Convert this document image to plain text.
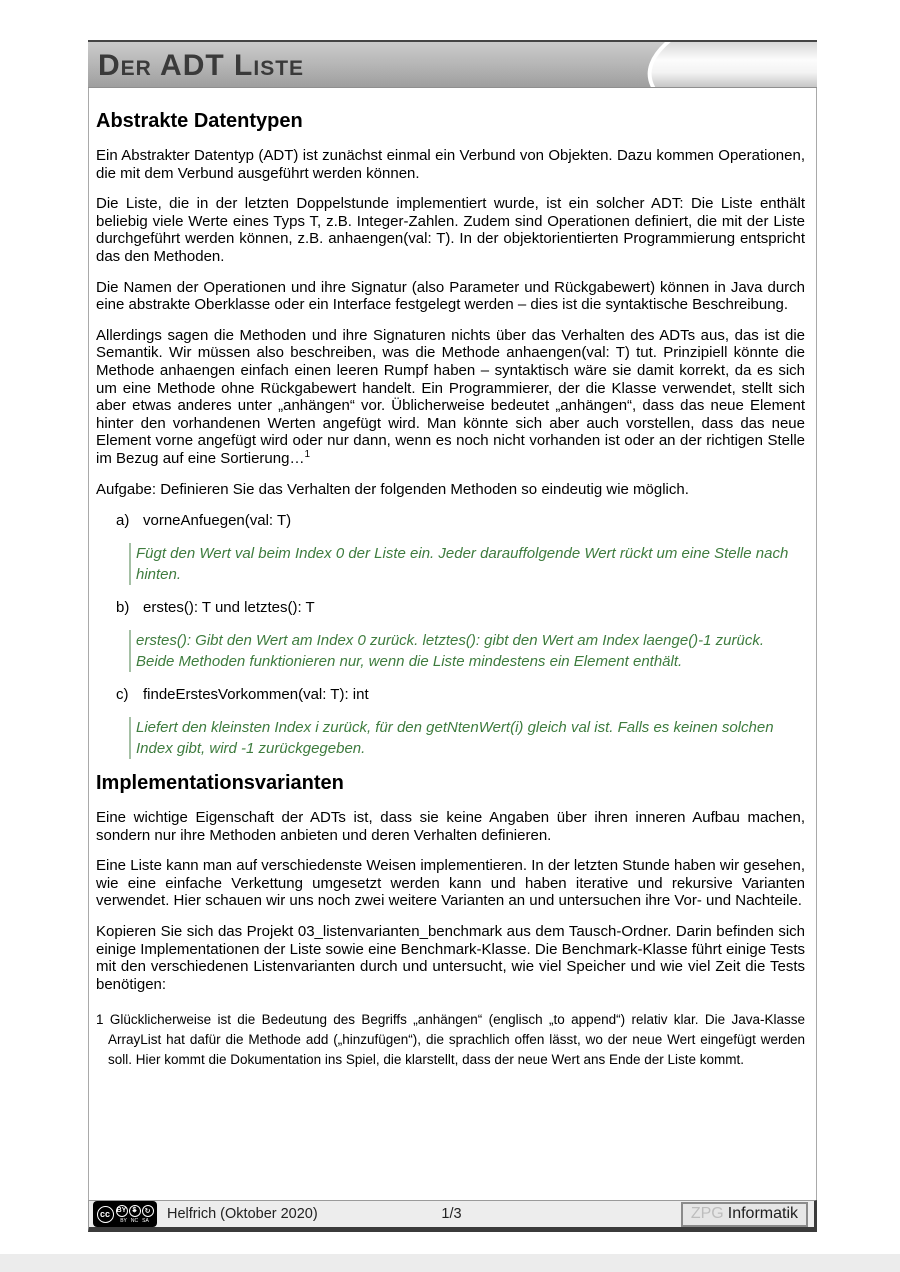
Der ADT Liste
Abstrakte Datentypen

Ein Abstrakter Datentyp (ADT) ist zunächst einmal ein Verbund von Objekten. Dazu kommen Operationen, die mit dem Verbund ausgeführt werden können.

Die Liste, die in der letzten Doppelstunde implementiert wurde, ist ein solcher ADT: Die Liste enthält beliebig viele Werte eines Typs T, z.B. Integer-Zahlen. Zudem sind Operationen definiert, die mit der Liste durchgeführt werden können, z.B. anhaengen(val: T). In der objektorientierten Programmierung entspricht das den Methoden.

Die Namen der Operationen und ihre Signatur (also Parameter und Rückgabewert) können in Java durch eine abstrakte Oberklasse oder ein Interface festgelegt werden – dies ist die syntaktische Beschreibung.

Allerdings sagen die Methoden und ihre Signaturen nichts über das Verhalten des ADTs aus, das ist die Semantik. Wir müssen also beschreiben, was die Methode anhaengen(val: T) tut. Prinzipiell könnte die Methode anhaengen einfach einen leeren Rumpf haben – syntaktisch wäre sie damit korrekt, da es sich um eine Methode ohne Rückgabewert handelt. Ein Programmierer, der die Klasse verwendet, stellt sich aber etwas anderes unter „anhängen“ vor. Üblicherweise bedeutet „anhängen“, dass das neue Element hinter den vorhandenen Werten angefügt wird. Man könnte sich aber auch vorstellen, dass das neue Element vorne angefügt wird oder nur dann, wenn es noch nicht vorhanden ist oder an der richtigen Stelle im Bezug auf eine Sortierung…$^1$

Aufgabe: Definieren Sie das Verhalten der folgenden Methoden so eindeutig wie möglich.

a) vorneAnfuegen(val: T)
Fügt den Wert val beim Index 0 der Liste ein. Jeder darauffolgende Wert rückt um eine Stelle nach hinten.
b) erstes(): T und letztes(): T
erstes(): Gibt den Wert am Index 0 zurück. letztes(): gibt den Wert am Index laenge()-1 zurück. Beide Methoden funktionieren nur, wenn die Liste mindestens ein Element enthält.
c) findeErstesVorkommen(val: T): int
Liefert den kleinsten Index i zurück, für den getNtenWert(i) gleich val ist. Falls es keinen solchen Index gibt, wird -1 zurückgegeben.
Implementationsvarianten

Eine wichtige Eigenschaft der ADTs ist, dass sie keine Angaben über ihren inneren Aufbau machen, sondern nur ihre Methoden anbieten und deren Verhalten definieren.

Eine Liste kann man auf verschiedenste Weisen implementieren. In der letzten Stunde haben wir gesehen, wie eine einfache Verkettung umgesetzt werden kann und haben iterative und rekursive Varianten verwendet. Hier schauen wir uns noch zwei weitere Varianten an und untersuchen ihre Vor- und Nachteile.

Kopieren Sie sich das Projekt 03_listenvarianten_benchmark aus dem Tausch-Ordner. Darin befinden sich einige Implementationen der Liste sowie eine Benchmark-Klasse. Die Benchmark-Klasse führt einige Tests mit den verschiedenen Listenvarianten durch und untersucht, wie viel Speicher und wie viel Zeit die Tests benötigen:

1 Glücklicherweise ist die Bedeutung des Begriffs „anhängen“ (englisch „to append“) relativ klar. Die Java-Klasse ArrayList hat dafür die Methode add („hinzufügen“), die sprachlich offen lässt, wo der neue Wert eingefügt werden soll. Hier kommt die Dokumentation ins Spiel, die klarstellt, dass der neue Wert ans Ende der Liste kommt.
cc BY $	↻
BY NC SA Helfrich (Oktober 2020)	1/3	ZPG Informatik
